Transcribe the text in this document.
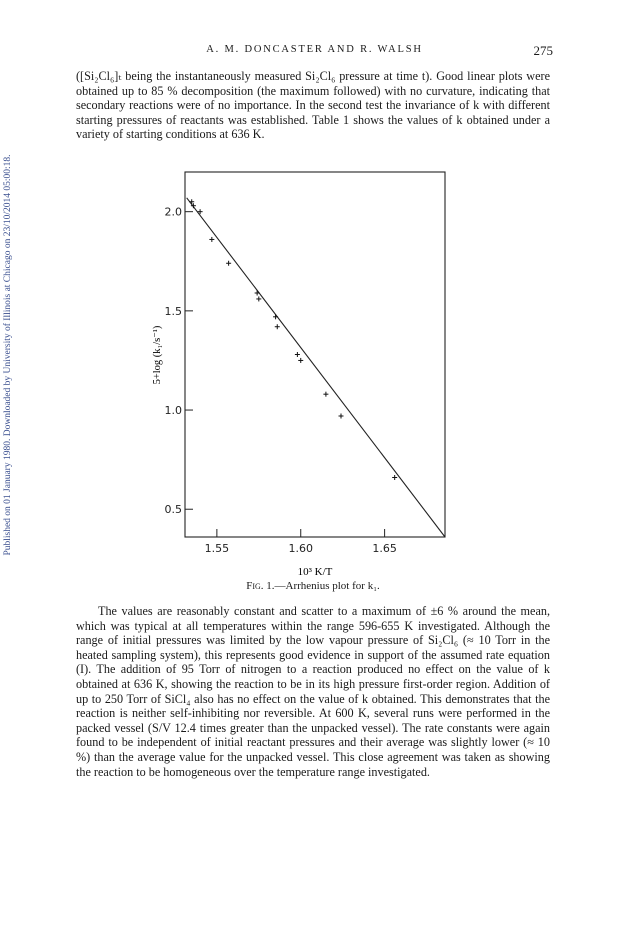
Published on 01 January 1980. Downloaded by University of Illinois at Chicago on 23/10/2014 05:00:18.
A. M. DONCASTER AND R. WALSH	275

([Si₂Cl₆]ₜ being the instantaneously measured Si₂Cl₆ pressure at time t). Good linear plots were obtained up to 85 % decomposition (the maximum followed) with no curvature, indicating that secondary reactions were of no importance. In the second test the invariance of k with different starting pressures of reactants was established. Table 1 shows the values of k obtained under a variety of starting conditions at 636 K.

0.5
1.0
1.5
2.0
1.55	1.60	1.65
10³ K/T
5+log (k₁/s⁻¹)
Fig. 1.—Arrhenius plot for k₁.

The values are reasonably constant and scatter to a maximum of ±6 % around the mean, which was typical at all temperatures within the range 596-655 K investigated. Although the range of initial pressures was limited by the low vapour pressure of Si₂Cl₆ (≈ 10 Torr in the heated sampling system), this represents good evidence in support of the assumed rate equation (I). The addition of 95 Torr of nitrogen to a reaction produced no effect on the value of k obtained at 636 K, showing the reaction to be in its high pressure first-order region. Addition of up to 250 Torr of SiCl₄ also has no effect on the value of k obtained. This demonstrates that the reaction is neither self-inhibiting nor reversible. At 600 K, several runs were performed in the packed vessel (S/V 12.4 times greater than the unpacked vessel). The rate constants were again found to be independent of initial reactant pressures and their average was slightly lower (≈ 10 %) than the average value for the unpacked vessel. This close agreement was taken as showing the reaction to be homogeneous over the temperature range investigated.
